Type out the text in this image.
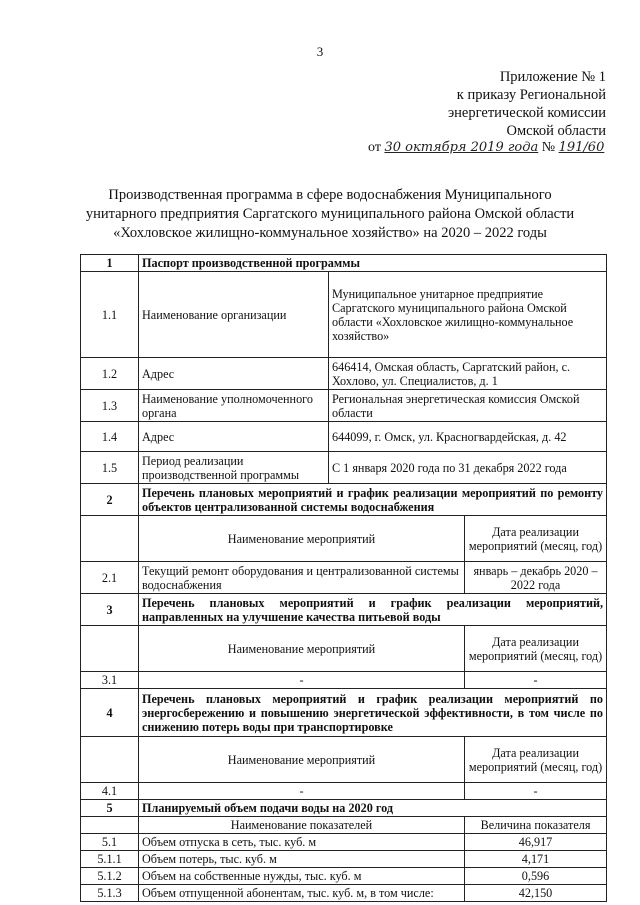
3
Приложение № 1
к приказу Региональной
энергетической комиссии
Омской области
от 30 октября 2019 года № 191/60
Производственная программа в сфере водоснабжения Муниципального
унитарного предприятия Саргатского муниципального района Омской области
«Хохловское жилищно-коммунальное хозяйство» на 2020 – 2022 годы
1	Паспорт производственной программы		
1.1	Наименование организации	Муниципальное унитарное предприятие Саргатского муниципального района Омской области «Хохловское жилищно-коммунальное хозяйство»	
1.2	Адрес	646414, Омская область, Саргатский район, с. Хохлово, ул. Специалистов, д. 1	
1.3	Наименование уполномоченного органа	Региональная энергетическая комиссия Омской области	
1.4	Адрес	644099, г. Омск, ул. Красногвардейская, д. 42	
1.5	Период реализации производственной программы	С 1 января 2020 года по 31 декабря 2022 года	
2	Перечень плановых мероприятий и график реализации мероприятий по ремонту объектов централизованной системы водоснабжения		
	Наименование мероприятий		Дата реализации мероприятий (месяц, год)
2.1	Текущий ремонт оборудования и централизованной системы водоснабжения		январь – декабрь 2020 – 2022 года
3	Перечень плановых мероприятий и график реализации мероприятий, направленных на улучшение качества питьевой воды		
	Наименование мероприятий		Дата реализации мероприятий (месяц, год)
3.1	-		-
4	Перечень плановых мероприятий и график реализации мероприятий по энергосбережению и повышению энергетической эффективности, в том числе по снижению потерь воды при транспортировке		
	Наименование мероприятий		Дата реализации мероприятий (месяц, год)
4.1	-		-
5	Планируемый объем подачи воды на 2020 год		
	Наименование показателей		Величина показателя
5.1	Объем отпуска в сеть, тыс. куб. м		46,917
5.1.1	Объем потерь, тыс. куб. м		4,171
5.1.2	Объем на собственные нужды, тыс. куб. м		0,596
5.1.3	Объем отпущенной абонентам, тыс. куб. м, в том числе:		42,150
